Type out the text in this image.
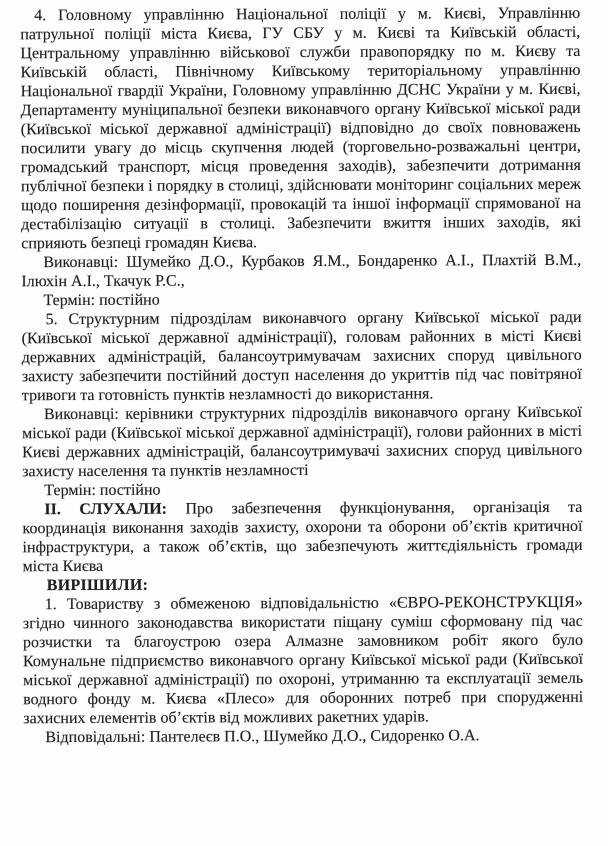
4. Головному управлінню Національної поліції у м. Києві, Управлінню патрульної поліції міста Києва, ГУ СБУ у м. Києві та Київській області, Центральному управлінню військової служби правопорядку по м. Києву та Київській області, Північному Київському територіальному управлінню Національної гвардії України, Головному управлінню ДСНС України у м. Києві, Департаменту муніципальної безпеки виконавчого органу Київської міської ради (Київської міської державної адміністрації) відповідно до своїх повноважень посилити увагу до місць скупчення людей (торговельно-розважальні центри, громадський транспорт, місця проведення заходів), забезпечити дотримання публічної безпеки і порядку в столиці, здійснювати моніторинг соціальних мереж щодо поширення дезінформації, провокацій та іншої інформації спрямованої на дестабілізацію ситуації в столиці. Забезпечити вжиття інших заходів, які сприяють безпеці громадян Києва.

Виконавці: Шумейко Д.О., Курбаков Я.М., Бондаренко А.І., Плахтій В.М., Ілюхін А.І., Ткачук Р.С.,

Термін: постійно

5. Структурним підрозділам виконавчого органу Київської міської ради (Київської міської державної адміністрації), головам районних в місті Києві державних адміністрацій, балансоутримувачам захисних споруд цивільного захисту забезпечити постійний доступ населення до укриттів під час повітряної тривоги та готовність пунктів незламності до використання.

Виконавці: керівники структурних підрозділів виконавчого органу Київської міської ради (Київської міської державної адміністрації), голови районних в місті Києві державних адміністрацій, балансоутримувачі захисних споруд цивільного захисту населення та пунктів незламності

Термін: постійно

ІІ. СЛУХАЛИ: Про забезпечення функціонування, організація та координація виконання заходів захисту, охорони та оборони об’єктів критичної інфраструктури, а також об’єктів, що забезпечують життєдіяльність громади міста Києва

ВИРІШИЛИ:

1. Товариству з обмеженою відповідальністю «ЄВРО-РЕКОНСТРУКЦІЯ» згідно чинного законодавства використати піщану суміш сформовану під час розчистки та благоустрою озера Алмазне замовником робіт якого було Комунальне підприємство виконавчого органу Київської міської ради (Київської міської державної адміністрації) по охороні, утриманню та експлуатації земель водного фонду м. Києва «Плесо» для оборонних потреб при спорудженні захисних елементів об’єктів від можливих ракетних ударів.

Відповідальні: Пантелеєв П.О., Шумейко Д.О., Сидоренко О.А.
